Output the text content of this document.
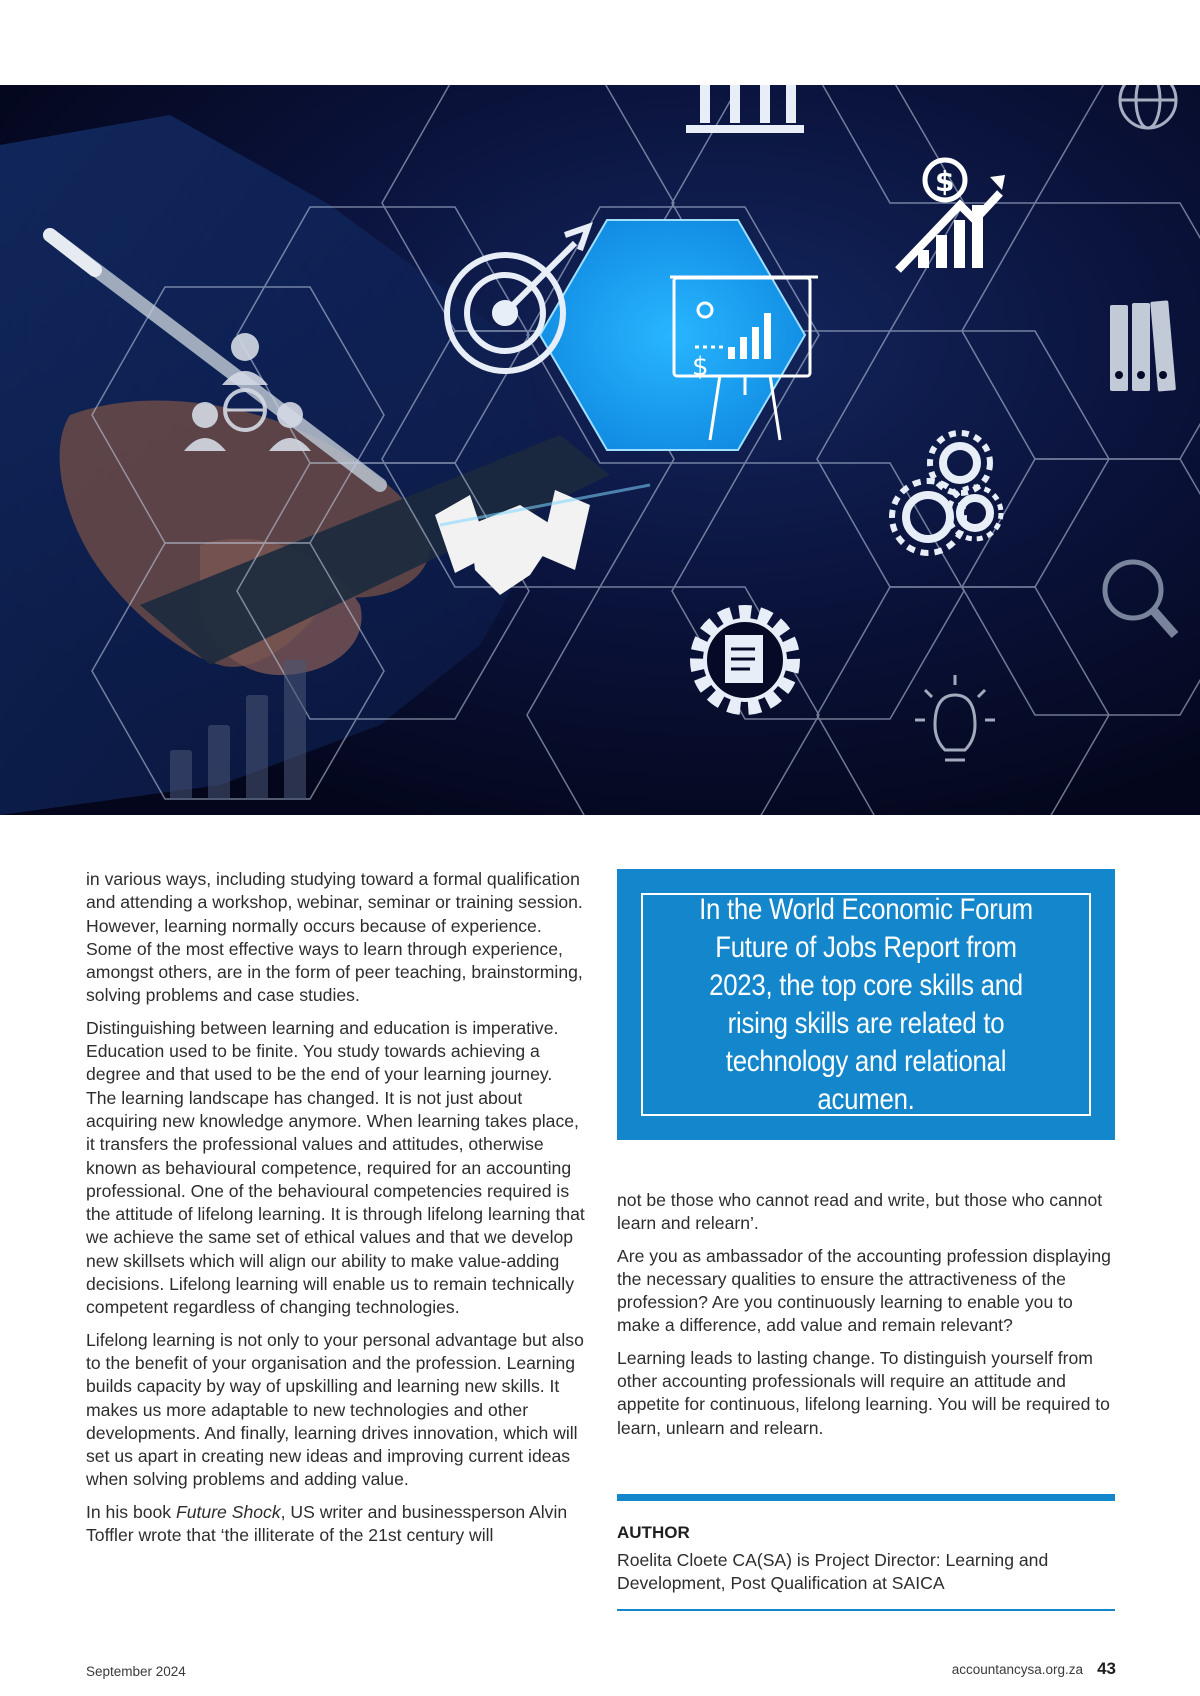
$
$

in various ways, including studying toward a formal qualification and attending a workshop, webinar, seminar or training session. However, learning normally occurs because of experience. Some of the most effective ways to learn through experience, amongst others, are in the form of peer teaching, brainstorming, solving problems and case studies.

Distinguishing between learning and education is imperative. Education used to be finite. You study towards achieving a degree and that used to be the end of your learning journey. The learning landscape has changed. It is not just about acquiring new knowledge anymore. When learning takes place, it transfers the professional values and attitudes, otherwise known as behavioural competence, required for an accounting professional. One of the behavioural competencies required is the attitude of lifelong learning. It is through lifelong learning that we achieve the same set of ethical values and that we develop new skillsets which will align our ability to make value-adding decisions. Lifelong learning will enable us to remain technically competent regardless of changing technologies.

Lifelong learning is not only to your personal advantage but also to the benefit of your organisation and the profession. Learning builds capacity by way of upskilling and learning new skills. It makes us more adaptable to new technologies and other developments. And finally, learning drives innovation, which will set us apart in creating new ideas and improving current ideas when solving problems and adding value.

In his book Future Shock, US writer and businessperson Alvin Toffler wrote that ‘the illiterate of the 21st century will

In the World Economic Forum Future of Jobs Report from 2023, the top core skills and rising skills are related to technology and relational acumen.

not be those who cannot read and write, but those who cannot learn and relearn’.

Are you as ambassador of the accounting profession displaying the necessary qualities to ensure the attractiveness of the profession? Are you continuously learning to enable you to make a difference, add value and remain relevant?

Learning leads to lasting change. To distinguish yourself from other accounting professionals will require an attitude and appetite for continuous, lifelong learning. You will be required to learn, unlearn and relearn.

AUTHOR
Roelita Cloete CA(SA) is Project Director: Learning and Development, Post Qualification at SAICA
September 2024	accountancysa.org.za 43
